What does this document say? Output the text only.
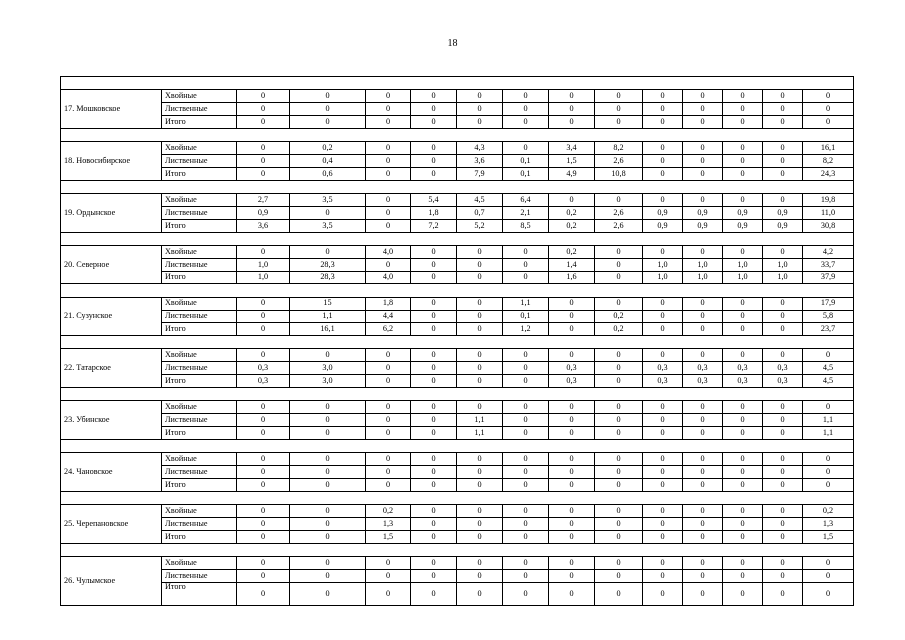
18

17. Мошковское	Хвойные	0	0	0	0	0	0	0	0	0	0	0	0	0
	Лиственные	0	0	0	0	0	0	0	0	0	0	0	0	0
	Итого	0	0	0	0	0	0	0	0	0	0	0	0	0

18. Новосибирское	Хвойные	0	0,2	0	0	4,3	0	3,4	8,2	0	0	0	0	16,1
	Лиственные	0	0,4	0	0	3,6	0,1	1,5	2,6	0	0	0	0	8,2
	Итого	0	0,6	0	0	7,9	0,1	4,9	10,8	0	0	0	0	24,3

19. Ордынское	Хвойные	2,7	3,5	0	5,4	4,5	6,4	0	0	0	0	0	0	19,8
	Лиственные	0,9	0	0	1,8	0,7	2,1	0,2	2,6	0,9	0,9	0,9	0,9	11,0
	Итого	3,6	3,5	0	7,2	5,2	8,5	0,2	2,6	0,9	0,9	0,9	0,9	30,8

20. Северное	Хвойные	0	0	4,0	0	0	0	0,2	0	0	0	0	0	4,2
	Лиственные	1,0	28,3	0	0	0	0	1,4	0	1,0	1,0	1,0	1,0	33,7
	Итого	1,0	28,3	4,0	0	0	0	1,6	0	1,0	1,0	1,0	1,0	37,9

21. Сузунское	Хвойные	0	15	1,8	0	0	1,1	0	0	0	0	0	0	17,9
	Лиственные	0	1,1	4,4	0	0	0,1	0	0,2	0	0	0	0	5,8
	Итого	0	16,1	6,2	0	0	1,2	0	0,2	0	0	0	0	23,7

22. Татарское	Хвойные	0	0	0	0	0	0	0	0	0	0	0	0	0
	Лиственные	0,3	3,0	0	0	0	0	0,3	0	0,3	0,3	0,3	0,3	4,5
	Итого	0,3	3,0	0	0	0	0	0,3	0	0,3	0,3	0,3	0,3	4,5

23. Убинское	Хвойные	0	0	0	0	0	0	0	0	0	0	0	0	0
	Лиственные	0	0	0	0	1,1	0	0	0	0	0	0	0	1,1
	Итого	0	0	0	0	1,1	0	0	0	0	0	0	0	1,1

24. Чановское	Хвойные	0	0	0	0	0	0	0	0	0	0	0	0	0
	Лиственные	0	0	0	0	0	0	0	0	0	0	0	0	0
	Итого	0	0	0	0	0	0	0	0	0	0	0	0	0

25. Черепановское	Хвойные	0	0	0,2	0	0	0	0	0	0	0	0	0	0,2
	Лиственные	0	0	1,3	0	0	0	0	0	0	0	0	0	1,3
	Итого	0	0	1,5	0	0	0	0	0	0	0	0	0	1,5

26. Чулымское	Хвойные	0	0	0	0	0	0	0	0	0	0	0	0	0
	Лиственные	0	0	0	0	0	0	0	0	0	0	0	0	0
	Итого	0	0	0	0	0	0	0	0	0	0	0	0	0
